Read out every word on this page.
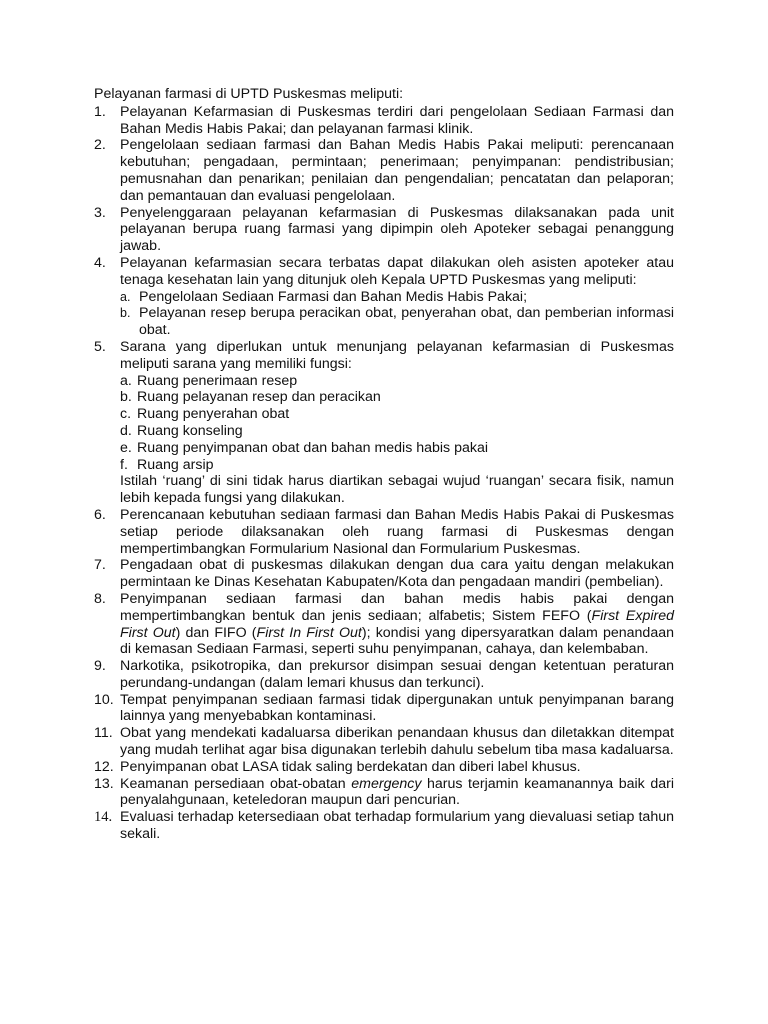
Pelayanan farmasi di UPTD Puskesmas meliputi:

1. Pelayanan Kefarmasian di Puskesmas terdiri dari pengelolaan Sediaan Farmasi dan Bahan Medis Habis Pakai; dan pelayanan farmasi klinik.
2. Pengelolaan sediaan farmasi dan Bahan Medis Habis Pakai meliputi: perencanaan kebutuhan; pengadaan, permintaan; penerimaan; penyimpanan: pendistribusian; pemusnahan dan penarikan; penilaian dan pengendalian; pencatatan dan pelaporan; dan pemantauan dan evaluasi pengelolaan.
3. Penyelenggaraan pelayanan kefarmasian di Puskesmas dilaksanakan pada unit pelayanan berupa ruang farmasi yang dipimpin oleh Apoteker sebagai penanggung jawab.
4. Pelayanan kefarmasian secara terbatas dapat dilakukan oleh asisten apoteker atau tenaga kesehatan lain yang ditunjuk oleh Kepala UPTD Puskesmas yang meliputi:
a. Pengelolaan Sediaan Farmasi dan Bahan Medis Habis Pakai;
b. Pelayanan resep berupa peracikan obat, penyerahan obat, dan pemberian informasi obat.
5. Sarana yang diperlukan untuk menunjang pelayanan kefarmasian di Puskesmas meliputi sarana yang memiliki fungsi:
a. Ruang penerimaan resep
b. Ruang pelayanan resep dan peracikan
c. Ruang penyerahan obat
d. Ruang konseling
e. Ruang penyimpanan obat dan bahan medis habis pakai
f. Ruang arsip
Istilah ‘ruang’ di sini tidak harus diartikan sebagai wujud ‘ruangan’ secara fisik, namun lebih kepada fungsi yang dilakukan.
6. Perencanaan kebutuhan sediaan farmasi dan Bahan Medis Habis Pakai di Puskesmas setiap periode dilaksanakan oleh ruang farmasi di Puskesmas dengan mempertimbangkan Formularium Nasional dan Formularium Puskesmas.
7. Pengadaan obat di puskesmas dilakukan dengan dua cara yaitu dengan melakukan permintaan ke Dinas Kesehatan Kabupaten/Kota dan pengadaan mandiri (pembelian).
8. Penyimpanan sediaan farmasi dan bahan medis habis pakai dengan mempertimbangkan bentuk dan jenis sediaan; alfabetis; Sistem FEFO (First Expired First Out) dan FIFO (First In First Out); kondisi yang dipersyaratkan dalam penandaan di kemasan Sediaan Farmasi, seperti suhu penyimpanan, cahaya, dan kelembaban.
9. Narkotika, psikotropika, dan prekursor disimpan sesuai dengan ketentuan peraturan perundang-undangan (dalam lemari khusus dan terkunci).
10. Tempat penyimpanan sediaan farmasi tidak dipergunakan untuk penyimpanan barang lainnya yang menyebabkan kontaminasi.
11. Obat yang mendekati kadaluarsa diberikan penandaan khusus dan diletakkan ditempat yang mudah terlihat agar bisa digunakan terlebih dahulu sebelum tiba masa kadaluarsa.
12. Penyimpanan obat LASA tidak saling berdekatan dan diberi label khusus.
13. Keamanan persediaan obat-obatan emergency harus terjamin keamanannya baik dari penyalahgunaan, keteledoran maupun dari pencurian.
14. Evaluasi terhadap ketersediaan obat terhadap formularium yang dievaluasi setiap tahun sekali.
